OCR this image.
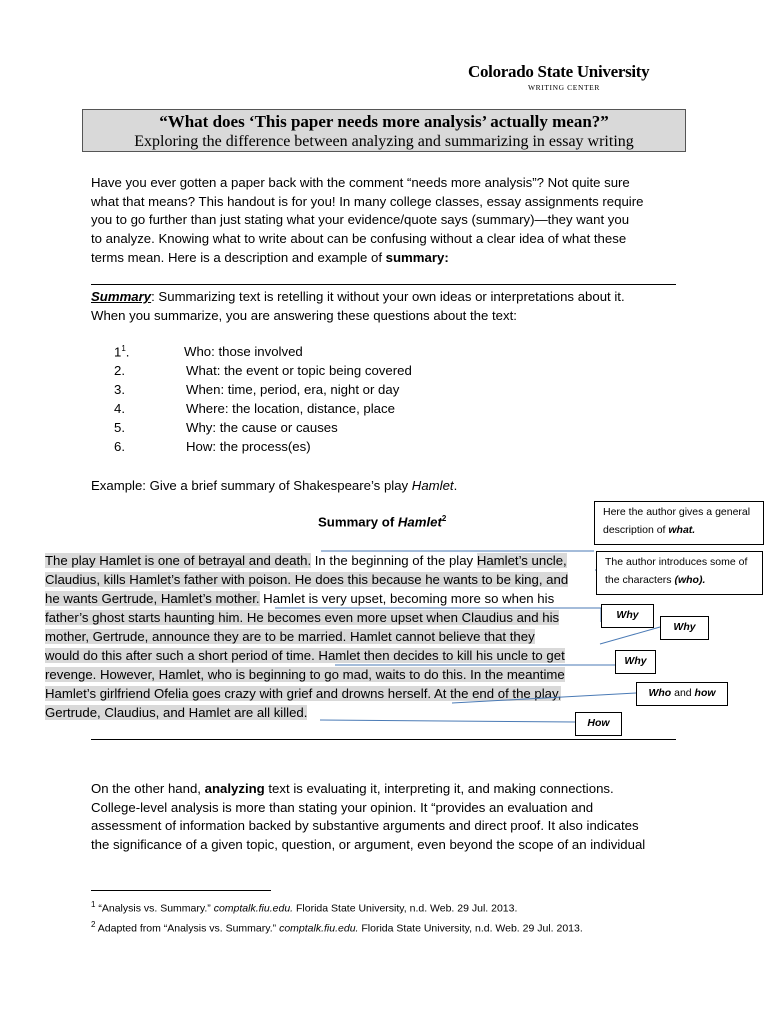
Colorado State University
WRITING CENTER
“What does ‘This paper needs more analysis’ actually mean?”
Exploring the difference between analyzing and summarizing in essay writing
Have you ever gotten a paper back with the comment “needs more analysis”? Not quite sure
what that means? This handout is for you! In many college classes, essay assignments require
you to go further than just stating what your evidence/quote says (summary)—they want you
to analyze. Knowing what to write about can be confusing without a clear idea of what these
terms mean. Here is a description and example of summary:
Summary: Summarizing text is retelling it without your own ideas or interpretations about it.
When you summarize, you are answering these questions about the text:
$1^1$.	Who: those involved
2.	What: the event or topic being covered
3.	When: time, period, era, night or day
4.	Where: the location, distance, place
5.	Why: the cause or causes
6.	How: the process(es)
Example: Give a brief summary of Shakespeare’s play Hamlet.
Summary of Hamlet$^2$
The play Hamlet is one of betrayal and death. In the beginning of the play Hamlet’s uncle,
Claudius, kills Hamlet’s father with poison. He does this because he wants to be king, and
he wants Gertrude, Hamlet’s mother. Hamlet is very upset, becoming more so when his
father’s ghost starts haunting him. He becomes even more upset when Claudius and his
mother, Gertrude, announce they are to be married. Hamlet cannot believe that they
would do this after such a short period of time. Hamlet then decides to kill his uncle to get
revenge. However, Hamlet, who is beginning to go mad, waits to do this. In the meantime
Hamlet’s girlfriend Ofelia goes crazy with grief and drowns herself. At the end of the play,
Gertrude, Claudius, and Hamlet are all killed.
Here the author gives a general description of what.
The author introduces some of the characters (who).
Why
Why
Why
Who and how
How
On the other hand, analyzing text is evaluating it, interpreting it, and making connections.
College-level analysis is more than stating your opinion. It “provides an evaluation and
assessment of information backed by substantive arguments and direct proof. It also indicates
the significance of a given topic, question, or argument, even beyond the scope of an individual
$^1$ “Analysis vs. Summary.” comptalk.fiu.edu. Florida State University, n.d. Web. 29 Jul. 2013.
$^2$ Adapted from “Analysis vs. Summary.” comptalk.fiu.edu. Florida State University, n.d. Web. 29 Jul. 2013.
